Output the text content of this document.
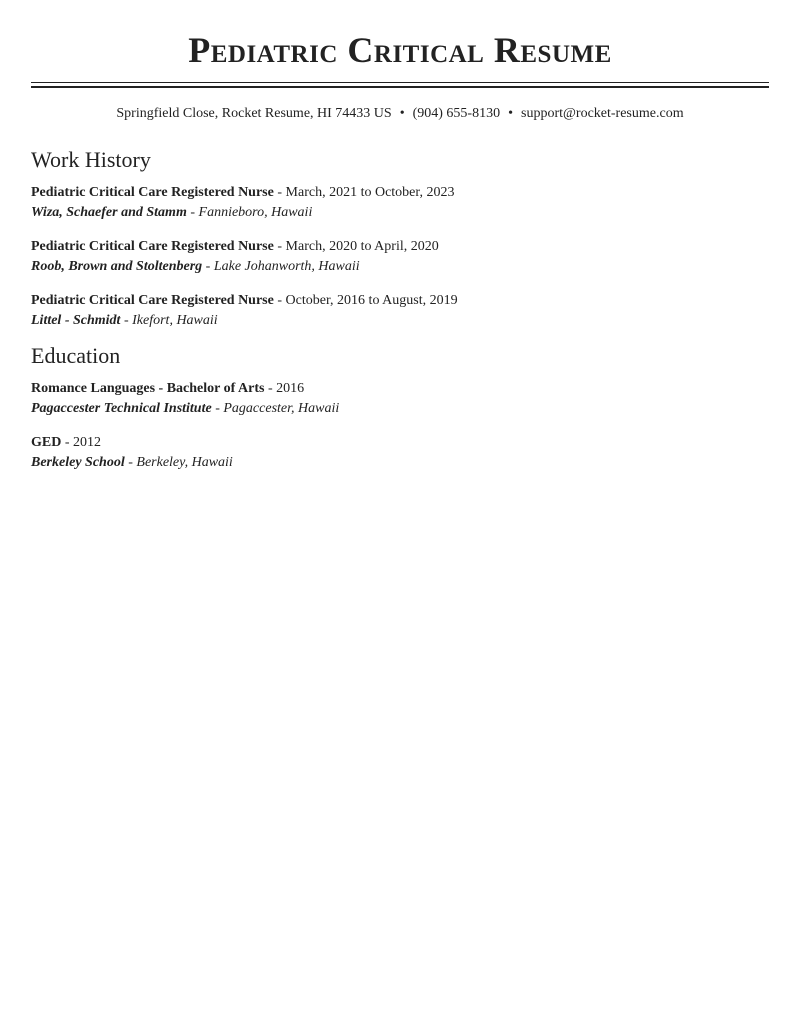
Pediatric Critical Resume
Springfield Close, Rocket Resume, HI 74433 US • (904) 655-8130 • support@rocket-resume.com
Work History
Pediatric Critical Care Registered Nurse - March, 2021 to October, 2023
Wiza, Schaefer and Stamm - Fannieboro, Hawaii
Pediatric Critical Care Registered Nurse - March, 2020 to April, 2020
Roob, Brown and Stoltenberg - Lake Johanworth, Hawaii
Pediatric Critical Care Registered Nurse - October, 2016 to August, 2019
Littel - Schmidt - Ikefort, Hawaii
Education
Romance Languages - Bachelor of Arts - 2016
Pagaccester Technical Institute - Pagaccester, Hawaii
GED - 2012
Berkeley School - Berkeley, Hawaii
